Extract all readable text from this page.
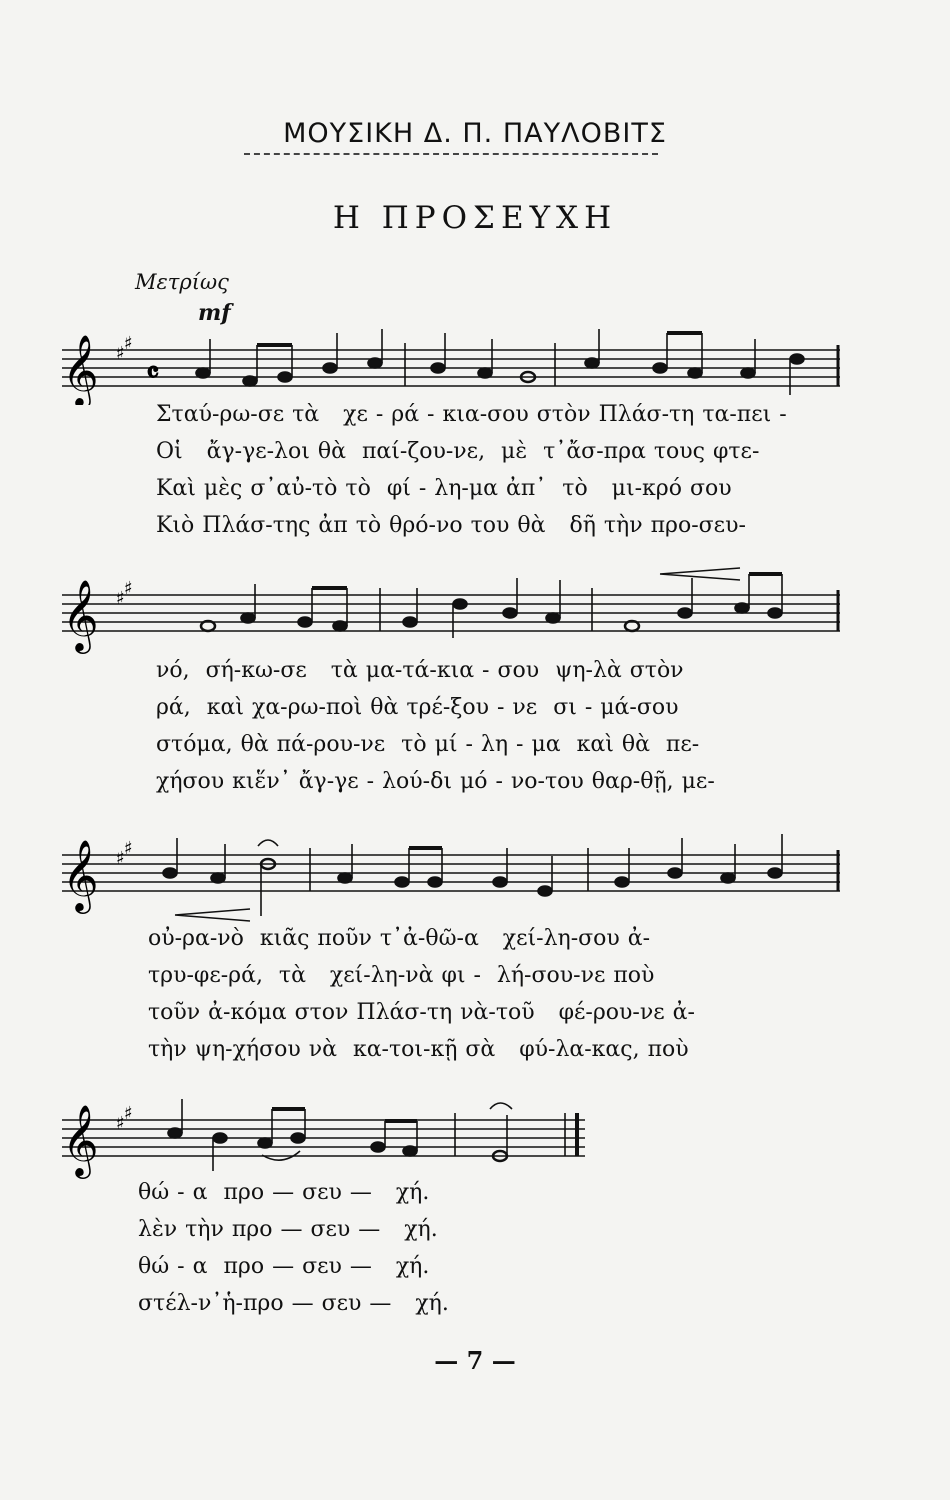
ΜΟΥΣΙΚΗ Δ. Π. ΠΑΥΛΟΒΙΤΣ
Η ΠΡΟΣΕΥΧΗ
Μετρίως
mf
𝄞 ♯ ♯
𝄴
Σταύ-ρω-σε τὰ   χε - ρά - κια-σου στὸν Πλάσ-τη τα-πει -
Οἱ   ἄγ-γε-λοι θὰ  παί-ζου-νε,  μὲ  τ᾽ἄσ-πρα τους φτε-
Καὶ μὲς σ᾽αὐ-τὸ τὸ  φί - λη-μα ἀπ᾽  τὸ   μι-κρό σου
Κιὸ Πλάσ-της ἀπ τὸ θρό-νο του θὰ   δῆ τὴν προ-σευ-
𝄞 ♯ ♯
νό,  σή-κω-σε   τὰ μα-τά-κια - σου  ψη-λὰ στὸν
ρά,  καὶ χα-ρω-ποὶ θὰ τρέ-ξου - νε  σι - μά-σου
στόμα, θὰ πά-ρου-νε  τὸ μί - λη - μα  καὶ θὰ  πε-
χήσου κιἕν᾽ ἄγ-γε - λού-δι μό - νο-του θαρ-θῇ, με-
𝄞 ♯ ♯
οὐ-ρα-νὸ  κιᾶς ποῦν τ᾽ἀ-θῶ-α   χεί-λη-σου ἀ-
τρυ-φε-ρά,  τὰ   χεί-λη-νὰ φι -  λή-σου-νε ποὺ
τοῦν ἀ-κόμα στον Πλάσ-τη νὰ-τοῦ   φέ-ρου-νε ἀ-
τὴν ψη-χήσου νὰ  κα-τοι-κῇ σὰ   φύ-λα-κας, ποὺ
𝄞 ♯ ♯
θώ - α  προ — σευ —   χή.
λὲν τὴν προ — σευ —   χή.
θώ - α  προ — σευ —   χή.
στέλ-ν᾽ἡ-προ — σευ —   χή.
— 7 —
